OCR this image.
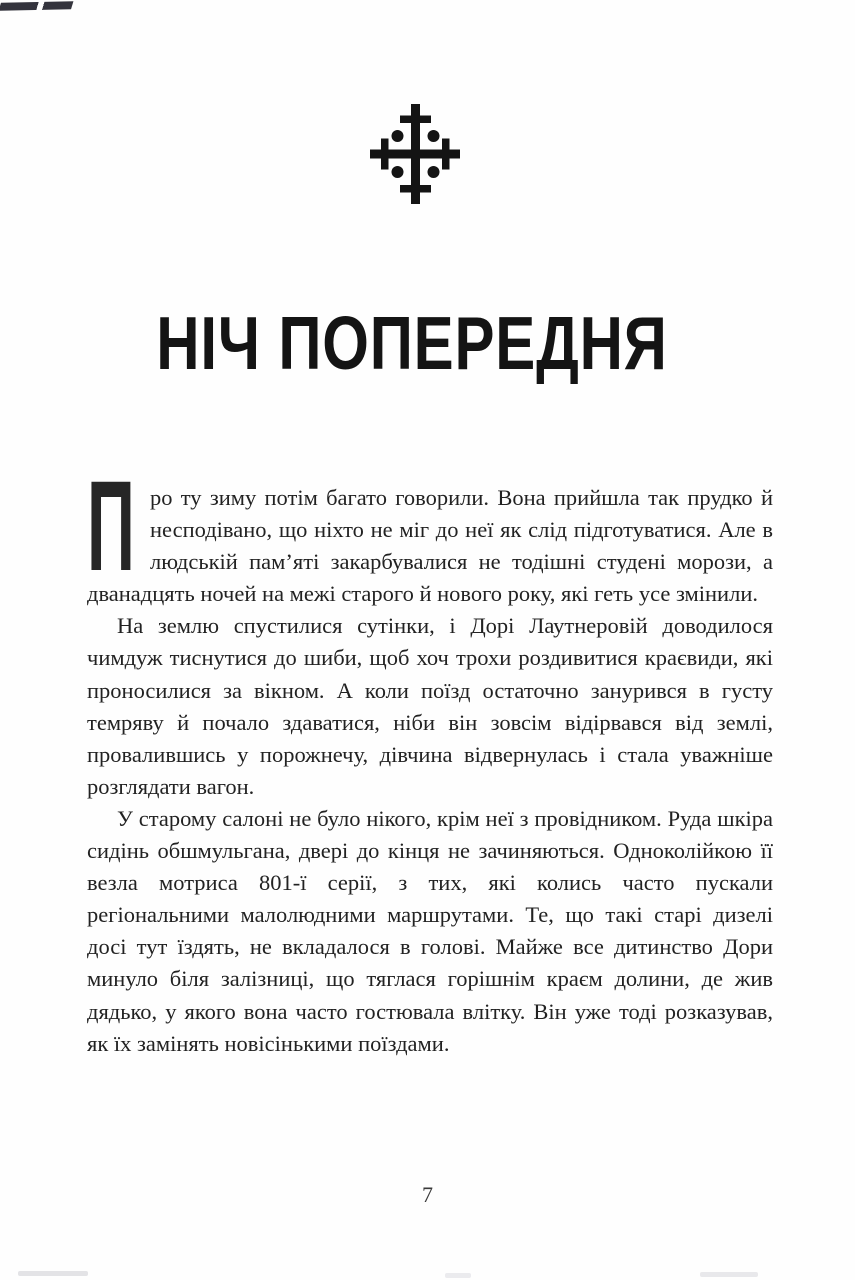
НІЧ ПОПЕРЕДНЯ

П ро ту зиму потім багато говорили. Вона прийшла так прудко й несподівано, що ніхто не міг до неї як слід підготуватися. Але в людській пам’яті закарбувалися не тодішні студені морози, а дванадцять ночей на межі старого й нового року, які геть усе змінили.

На землю спустилися сутінки, і Дорі Лаутнеровій доводилося чимдуж тиснутися до шиби, щоб хоч трохи роздивитися краєвиди, які проносилися за вікном. А коли поїзд остаточно занурився в густу темряву й почало здаватися, ніби він зовсім відірвався від землі, провалившись у порожнечу, дівчина відвернулась і стала уважніше розглядати вагон.

У старому салоні не було нікого, крім неї з провідником. Руда шкіра сидінь обшмульгана, двері до кінця не зачиняються. Одноколійкою її везла мотриса 801-ї серії, з тих, які колись часто пускали регіональними малолюдними маршрутами. Те, що такі старі дизелі досі тут їздять, не вкладалося в голові. Майже все дитинство Дори минуло біля залізниці, що тяглася горішнім краєм долини, де жив дядько, у якого вона часто гостювала влітку. Він уже тоді розказував, як їх замінять новісінькими поїздами.

7
